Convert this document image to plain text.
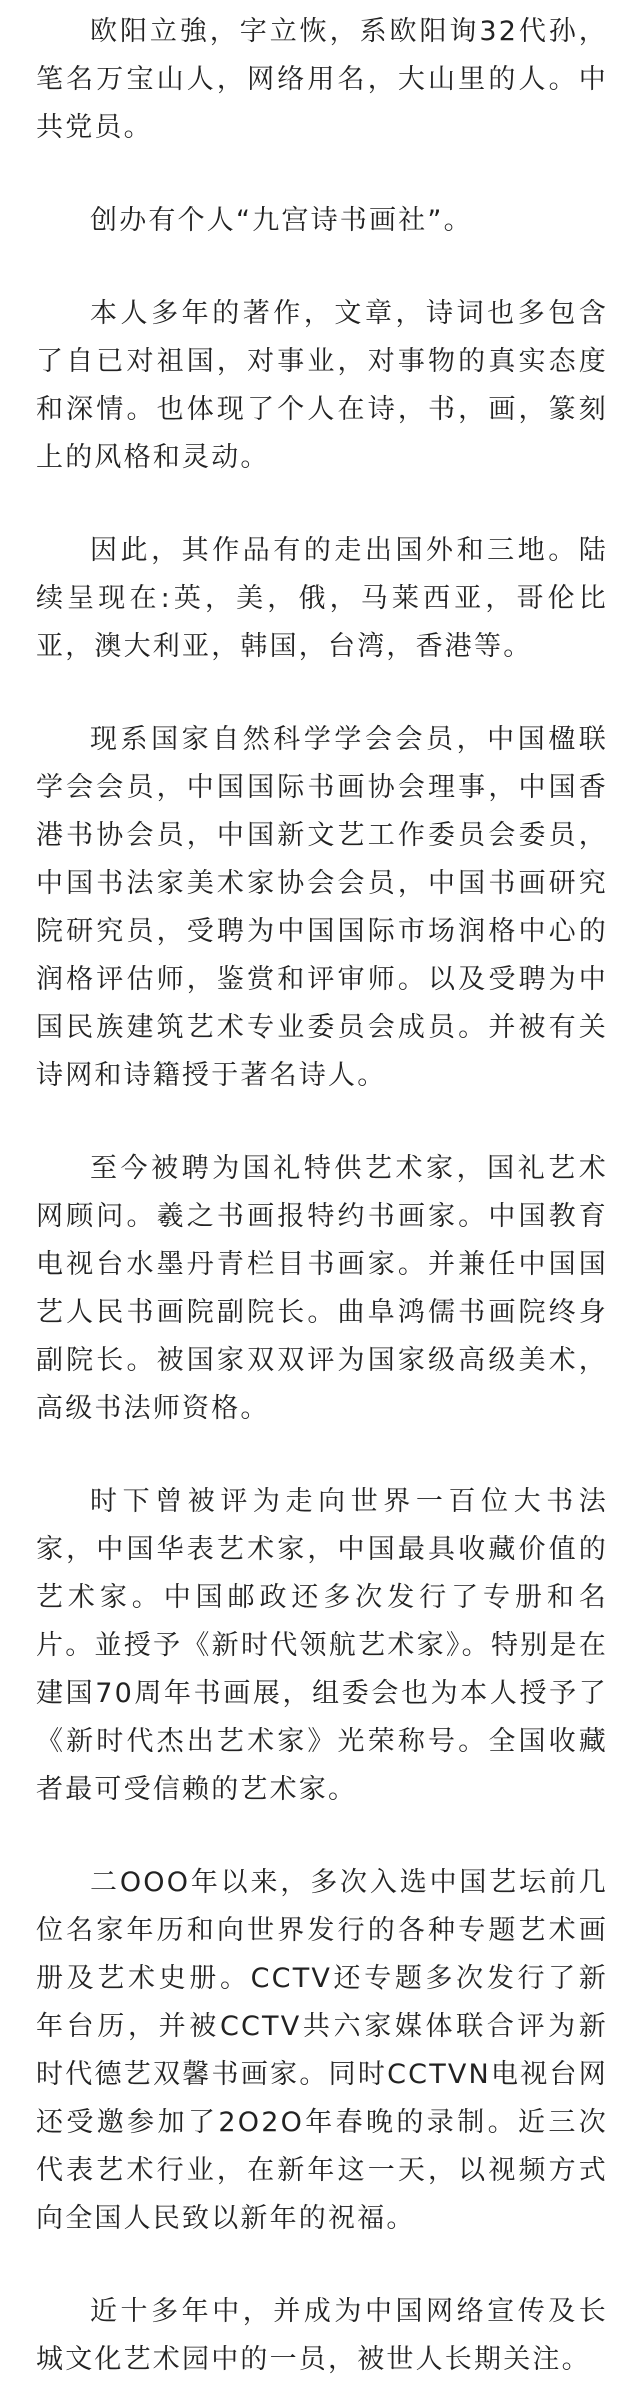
欧阳立強，字立恢，系欧阳询32代孙，笔名万宝山人，网络用名，大山里的人。中共党员。

创办有个人“九宫诗书画社”。

本人多年的著作，文章，诗词也多包含了自已对祖国，对事业，对事物的真实态度和深情。也体现了个人在诗，书，画，篆刻上的风格和灵动。

因此，其作品有的走出国外和三地。陆续呈现在:英，美，俄，马莱西亚，哥伦比亚，澳大利亚，韩国，台湾，香港等。

现系国家自然科学学会会员，中国楹联学会会员，中国国际书画协会理事，中国香港书协会员，中国新文艺工作委员会委员，中国书法家美术家协会会员，中国书画研究院研究员，受聘为中国国际市场润格中心的润格评估师，鉴赏和评审师。以及受聘为中国民族建筑艺术专业委员会成员。并被有关诗网和诗籍授于著名诗人。

至今被聘为国礼特供艺术家，国礼艺术网顾问。羲之书画报特约书画家。中国教育电视台水墨丹青栏目书画家。并兼任中国国艺人民书画院副院长。曲阜鸿儒书画院终身副院长。被国家双双评为国家级高级美术，高级书法师资格。

时下曾被评为走向世界一百位大书法家，中国华表艺术家，中国最具收藏价值的艺术家。中国邮政还多次发行了专册和名片。並授予《新时代领航艺术家》。特别是在建国70周年书画展，组委会也为本人授予了《新时代杰出艺术家》光荣称号。全国收藏者最可受信赖的艺术家。

二OOO年以来，多次入选中国艺坛前几位名家年历和向世界发行的各种专题艺术画册及艺术史册。CCTV还专题多次发行了新年台历，并被CCTV共六家媒体联合评为新时代德艺双馨书画家。同时CCTVN电视台网还受邀参加了2O2O年春晚的录制。近三次代表艺术行业，在新年这一天，以视频方式向全国人民致以新年的祝福。

近十多年中，并成为中国网络宣传及长城文化艺术园中的一员，被世人长期关注。
